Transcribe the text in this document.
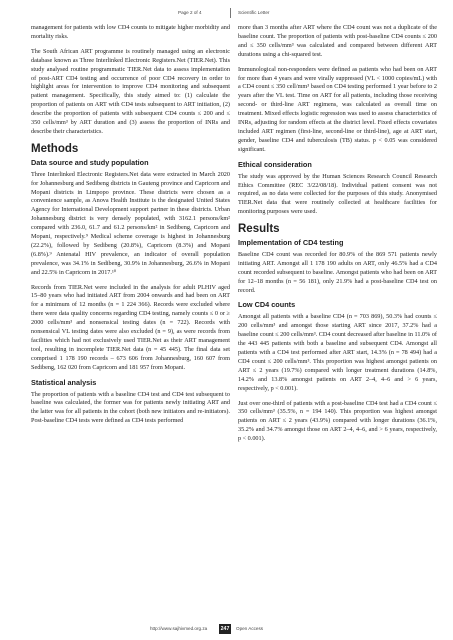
Page 2 of 4	Scientific Letter

management for patients with low CD4 counts to mitigate higher morbidity and mortality risks.

The South African ART programme is routinely managed using an electronic database known as Three Interlinked Electronic Registers.Net (TIER.Net). This study analysed routine programmatic TIER.Net data to assess implementation of post-ART CD4 testing and occurrence of poor CD4 recovery in order to highlight areas for intervention to improve CD4 monitoring and subsequent patient management. Specifically, this study aimed to: (1) calculate the proportion of patients on ART with CD4 tests subsequent to ART initiation, (2) describe the proportion of patients with subsequent CD4 counts ≤ 200 and ≤ 350 cells/mm³ by ART duration and (3) assess the proportion of INRs and describe their characteristics.

Methods
Data source and study population

Three Interlinked Electronic Registers.Net data were extracted in March 2020 for Johannesburg and Sedibeng districts in Gauteng province and Capricorn and Mopani districts in Limpopo province. These districts were chosen as a convenience sample, as Anova Health Institute is the designated United States Agency for International Development support partner in these districts. Urban Johannesburg district is very densely populated, with 3162.1 persons/km² compared with 236.0, 61.7 and 61.2 persons/km² in Sedibeng, Capricorn and Mopani, respectively.⁹ Medical scheme coverage is highest in Johannesburg (22.2%), followed by Sedibeng (20.8%), Capricorn (8.3%) and Mopani (6.8%).⁹ Antenatal HIV prevalence, an indicator of overall population prevalence, was 34.1% in Sedibeng, 30.9% in Johannesburg, 26.6% in Mopani and 22.5% in Capricorn in 2017.¹⁰

Records from TIER.Net were included in the analysis for adult PLHIV aged 15–80 years who had initiated ART from 2004 onwards and had been on ART for a minimum of 12 months (n = 1 224 366). Records were excluded where there were data quality concerns regarding CD4 testing, namely counts ≤ 0 or ≥ 2000 cells/mm³ and nonsensical testing dates (n = 722). Records with nonsensical VL testing dates were also excluded (n = 9), as were records from facilities which had not exclusively used TIER.Net as their ART management tool, resulting in incomplete TIER.Net data (n = 45 445). The final data set comprised 1 178 190 records – 673 606 from Johannesburg, 160 607 from Sedibeng, 162 020 from Capricorn and 181 957 from Mopani.

Statistical analysis

The proportion of patients with a baseline CD4 test and CD4 test subsequent to baseline was calculated, the former was for patients newly initiating ART and the latter was for all patients in the cohort (both new initiators and re-initiators). Post-baseline CD4 tests were defined as CD4 tests performed

more than 3 months after ART where the CD4 count was not a duplicate of the baseline count. The proportion of patients with post-baseline CD4 counts ≤ 200 and ≤ 350 cells/mm³ was calculated and compared between different ART durations using a chi-squared test.

Immunological non-responders were defined as patients who had been on ART for more than 4 years and were virally suppressed (VL < 1000 copies/mL) with a CD4 count ≤ 350 cell/mm³ based on CD4 testing performed 1 year before to 2 years after the VL test. Time on ART for all patients, including those receiving second- or third-line ART regimens, was calculated as overall time on treatment. Mixed effects logistic regression was used to assess characteristics of INRs, adjusting for random effects at the district level. Fixed effects covariates included ART regimen (first-line, second-line or third-line), age at ART start, gender, baseline CD4 and tuberculosis (TB) status. p < 0.05 was considered significant.

Ethical consideration

The study was approved by the Human Sciences Research Council Research Ethics Committee (REC 3/22/08/18). Individual patient consent was not required, as no data were collected for the purposes of this study. Anonymised TIER.Net data that were routinely collected at healthcare facilities for monitoring purposes were used.

Results
Implementation of CD4 testing

Baseline CD4 count was recorded for 80.9% of the 869 571 patients newly initiating ART. Amongst all 1 178 190 adults on ART, only 46.5% had a CD4 count recorded subsequent to baseline. Amongst patients who had been on ART for 12–18 months (n = 56 181), only 21.9% had a post-baseline CD4 test on record.

Low CD4 counts

Amongst all patients with a baseline CD4 (n = 703 869), 50.3% had counts ≤ 200 cells/mm³ and amongst those starting ART since 2017, 37.2% had a baseline count ≤ 200 cells/mm³. CD4 count decreased after baseline in 11.0% of the 443 445 patients with both a baseline and subsequent CD4. Amongst all patients with a CD4 test performed after ART start, 14.3% (n = 78 494) had a CD4 count ≤ 200 cells/mm³. This proportion was highest amongst patients on ART ≤ 2 years (19.7%) compared with longer treatment durations (14.8%, 14.2% and 13.8% amongst patients on ART 2–4, 4–6 and > 6 years, respectively, p < 0.001).

Just over one-third of patients with a post-baseline CD4 test had a CD4 count ≤ 350 cells/mm³ (35.5%, n = 194 140). This proportion was highest amongst patients on ART ≤ 2 years (43.9%) compared with longer durations (36.1%, 35.2% and 34.7% amongst those on ART 2–4, 4–6, and > 6 years, respectively, p < 0.001).

http://www.sajhivmed.org.za	247	Open Access
